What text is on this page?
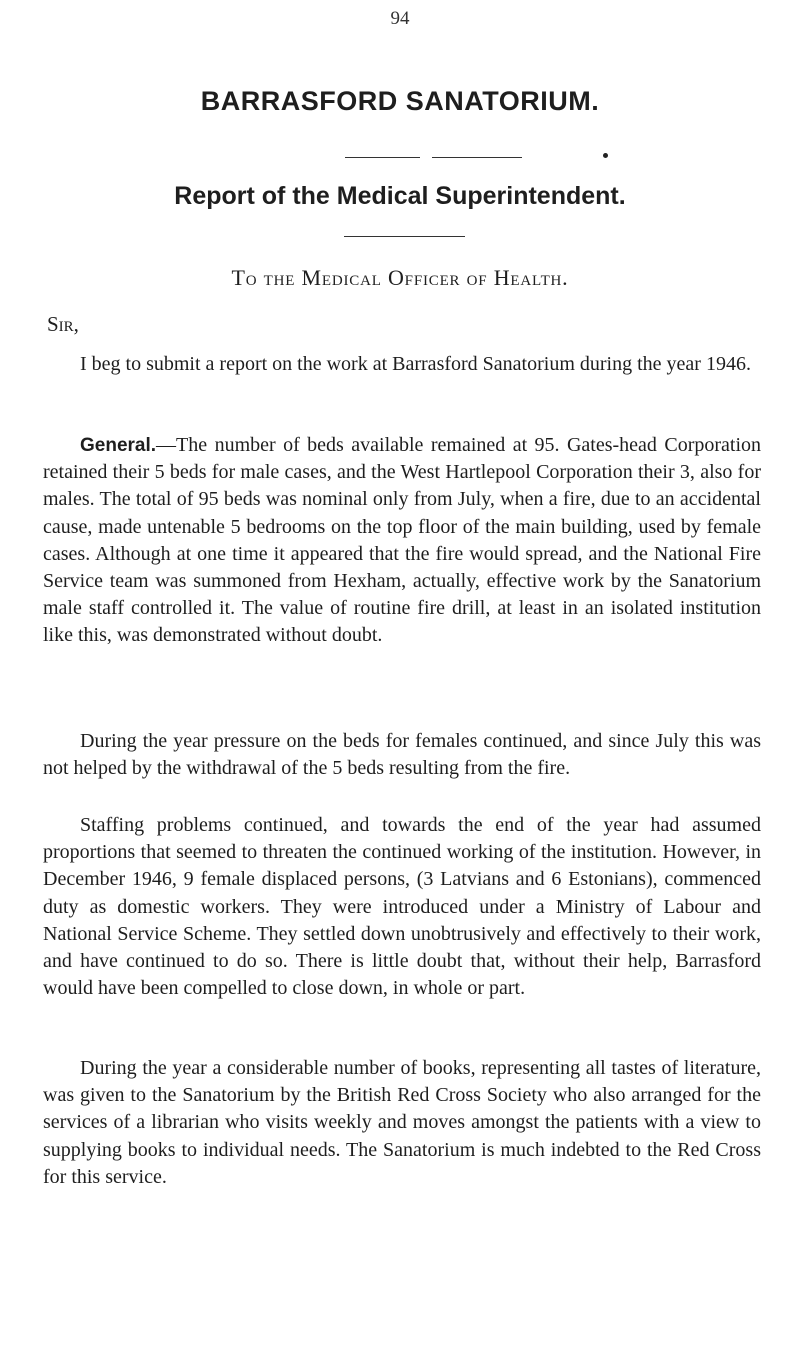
94
BARRASFORD SANATORIUM.
Report of the Medical Superintendent.
To the Medical Officer of Health.
Sir,

I beg to submit a report on the work at Barrasford Sanatorium during the year 1946.

General.—The number of beds available remained at 95. Gates-head Corporation retained their 5 beds for male cases, and the West Hartlepool Corporation their 3, also for males. The total of 95 beds was nominal only from July, when a fire, due to an accidental cause, made untenable 5 bedrooms on the top floor of the main building, used by female cases. Although at one time it appeared that the fire would spread, and the National Fire Service team was summoned from Hexham, actually, effective work by the Sanatorium male staff controlled it. The value of routine fire drill, at least in an isolated institution like this, was demonstrated without doubt.

During the year pressure on the beds for females continued, and since July this was not helped by the withdrawal of the 5 beds resulting from the fire.

Staffing problems continued, and towards the end of the year had assumed proportions that seemed to threaten the continued working of the institution. However, in December 1946, 9 female displaced persons, (3 Latvians and 6 Estonians), commenced duty as domestic workers. They were introduced under a Ministry of Labour and National Service Scheme. They settled down unobtrusively and effectively to their work, and have continued to do so. There is little doubt that, without their help, Barrasford would have been compelled to close down, in whole or part.

During the year a considerable number of books, representing all tastes of literature, was given to the Sanatorium by the British Red Cross Society who also arranged for the services of a librarian who visits weekly and moves amongst the patients with a view to supplying books to individual needs. The Sanatorium is much indebted to the Red Cross for this service.
